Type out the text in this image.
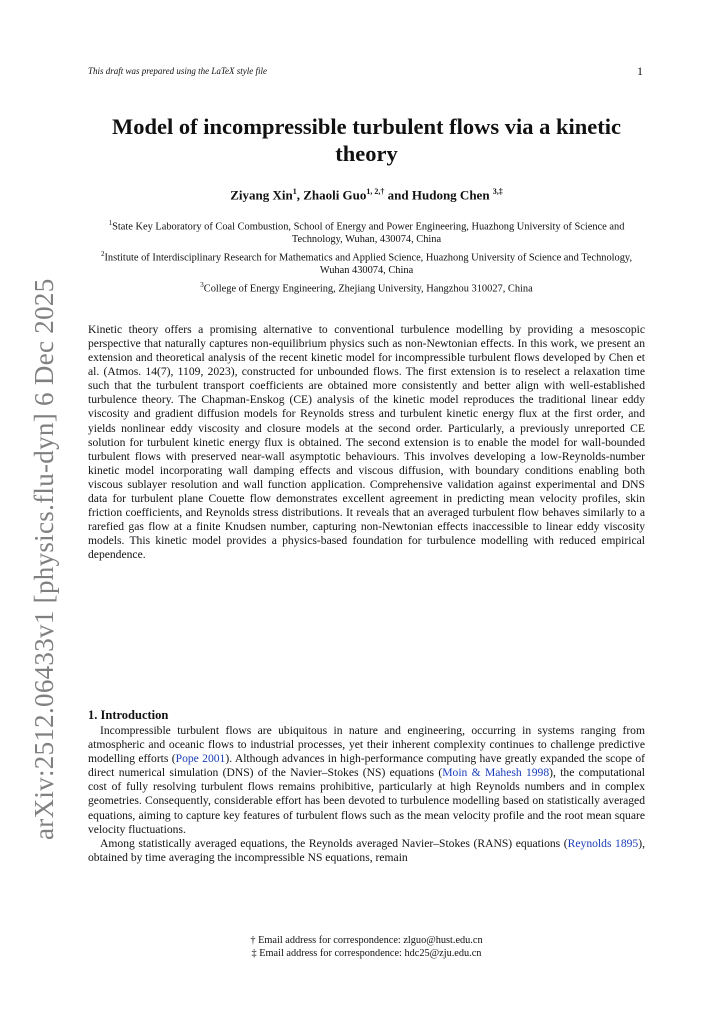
This draft was prepared using the LaTeX style file	1
arXiv:2512.06433v1 [physics.flu-dyn] 6 Dec 2025
Model of incompressible turbulent flows via a kinetic theory
Ziyang Xin$^1$, Zhaoli Guo$^{1, 2,\dagger}$ and Hudong Chen $^{3,\ddagger}$
$^1$State Key Laboratory of Coal Combustion, School of Energy and Power Engineering, Huazhong University of Science and Technology, Wuhan, 430074, China
$^2$Institute of Interdisciplinary Research for Mathematics and Applied Science, Huazhong University of Science and Technology, Wuhan 430074, China
$^3$College of Energy Engineering, Zhejiang University, Hangzhou 310027, China

Kinetic theory offers a promising alternative to conventional turbulence modelling by providing a mesoscopic perspective that naturally captures non-equilibrium physics such as non-Newtonian effects. In this work, we present an extension and theoretical analysis of the recent kinetic model for incompressible turbulent flows developed by Chen et al. (Atmos. 14(7), 1109, 2023), constructed for unbounded flows. The first extension is to reselect a relaxation time such that the turbulent transport coefficients are obtained more consistently and better align with well-established turbulence theory. The Chapman-Enskog (CE) analysis of the kinetic model reproduces the traditional linear eddy viscosity and gradient diffusion models for Reynolds stress and turbulent kinetic energy flux at the first order, and yields nonlinear eddy viscosity and closure models at the second order. Particularly, a previously unreported CE solution for turbulent kinetic energy flux is obtained. The second extension is to enable the model for wall-bounded turbulent flows with preserved near-wall asymptotic behaviours. This involves developing a low-Reynolds-number kinetic model incorporating wall damping effects and viscous diffusion, with boundary conditions enabling both viscous sublayer resolution and wall function application. Comprehensive validation against experimental and DNS data for turbulent plane Couette flow demonstrates excellent agreement in predicting mean velocity profiles, skin friction coefficients, and Reynolds stress distributions. It reveals that an averaged turbulent flow behaves similarly to a rarefied gas flow at a finite Knudsen number, capturing non-Newtonian effects inaccessible to linear eddy viscosity models. This kinetic model provides a physics-based foundation for turbulence modelling with reduced empirical dependence.

1. Introduction

Incompressible turbulent flows are ubiquitous in nature and engineering, occurring in systems ranging from atmospheric and oceanic flows to industrial processes, yet their inherent complexity continues to challenge predictive modelling efforts (Pope 2001). Although advances in high-performance computing have greatly expanded the scope of direct numerical simulation (DNS) of the Navier–Stokes (NS) equations (Moin & Mahesh 1998), the computational cost of fully resolving turbulent flows remains prohibitive, particularly at high Reynolds numbers and in complex geometries. Consequently, considerable effort has been devoted to turbulence modelling based on statistically averaged equations, aiming to capture key features of turbulent flows such as the mean velocity profile and the root mean square velocity fluctuations.

Among statistically averaged equations, the Reynolds averaged Navier–Stokes (RANS) equations (Reynolds 1895), obtained by time averaging the incompressible NS equations, remain

† Email address for correspondence: zlguo@hust.edu.cn
‡ Email address for correspondence: hdc25@zju.edu.cn
